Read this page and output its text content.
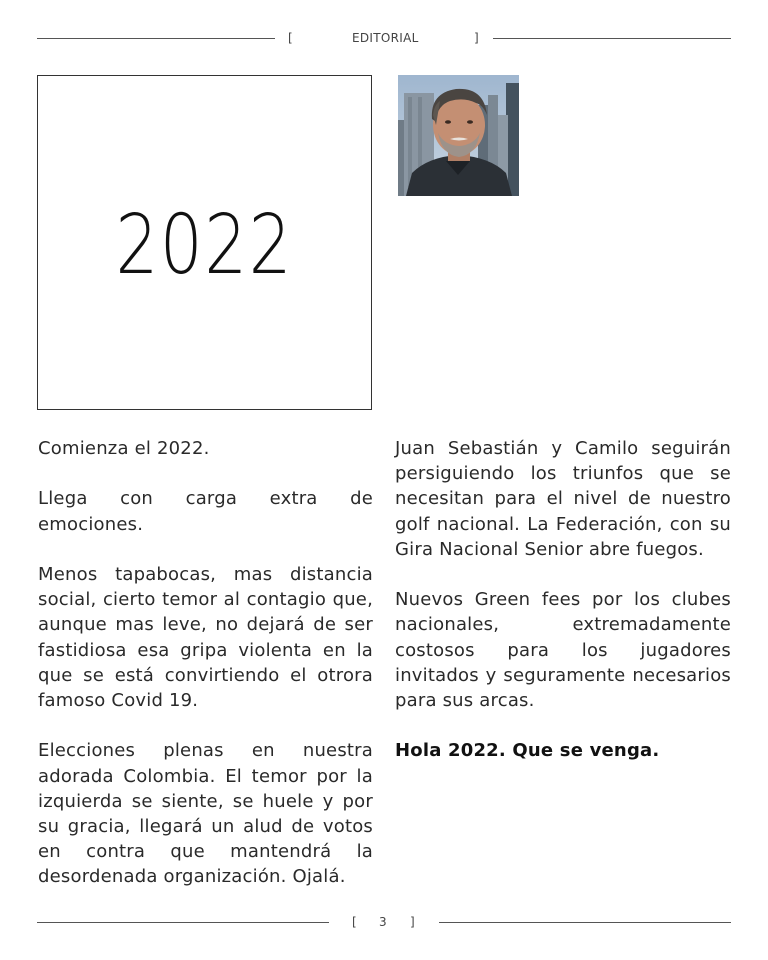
[	EDITORIAL	]
2022

Comienza el 2022.

Llega con carga extra de emociones.

Menos tapabocas, mas distancia social, cierto temor al contagio que, aunque mas leve, no dejará de ser fastidiosa esa gripa violenta en la que se está convirtiendo el otrora famoso Covid 19.

Elecciones plenas en nuestra adorada Colombia. El temor por la izquierda se siente, se huele y por su gracia, llegará un alud de votos en contra que mantendrá la desordenada organización. Ojalá.

Juan Sebastián y Camilo seguirán persiguiendo los triunfos que se necesitan para el nivel de nuestro golf nacional. La Federación, con su Gira Nacional Senior abre fuegos.

Nuevos Green fees por los clubes nacionales, extremadamente costosos para los jugadores invitados y seguramente necesarios para sus arcas.

Hola 2022. Que se venga.

[ 3 ]
